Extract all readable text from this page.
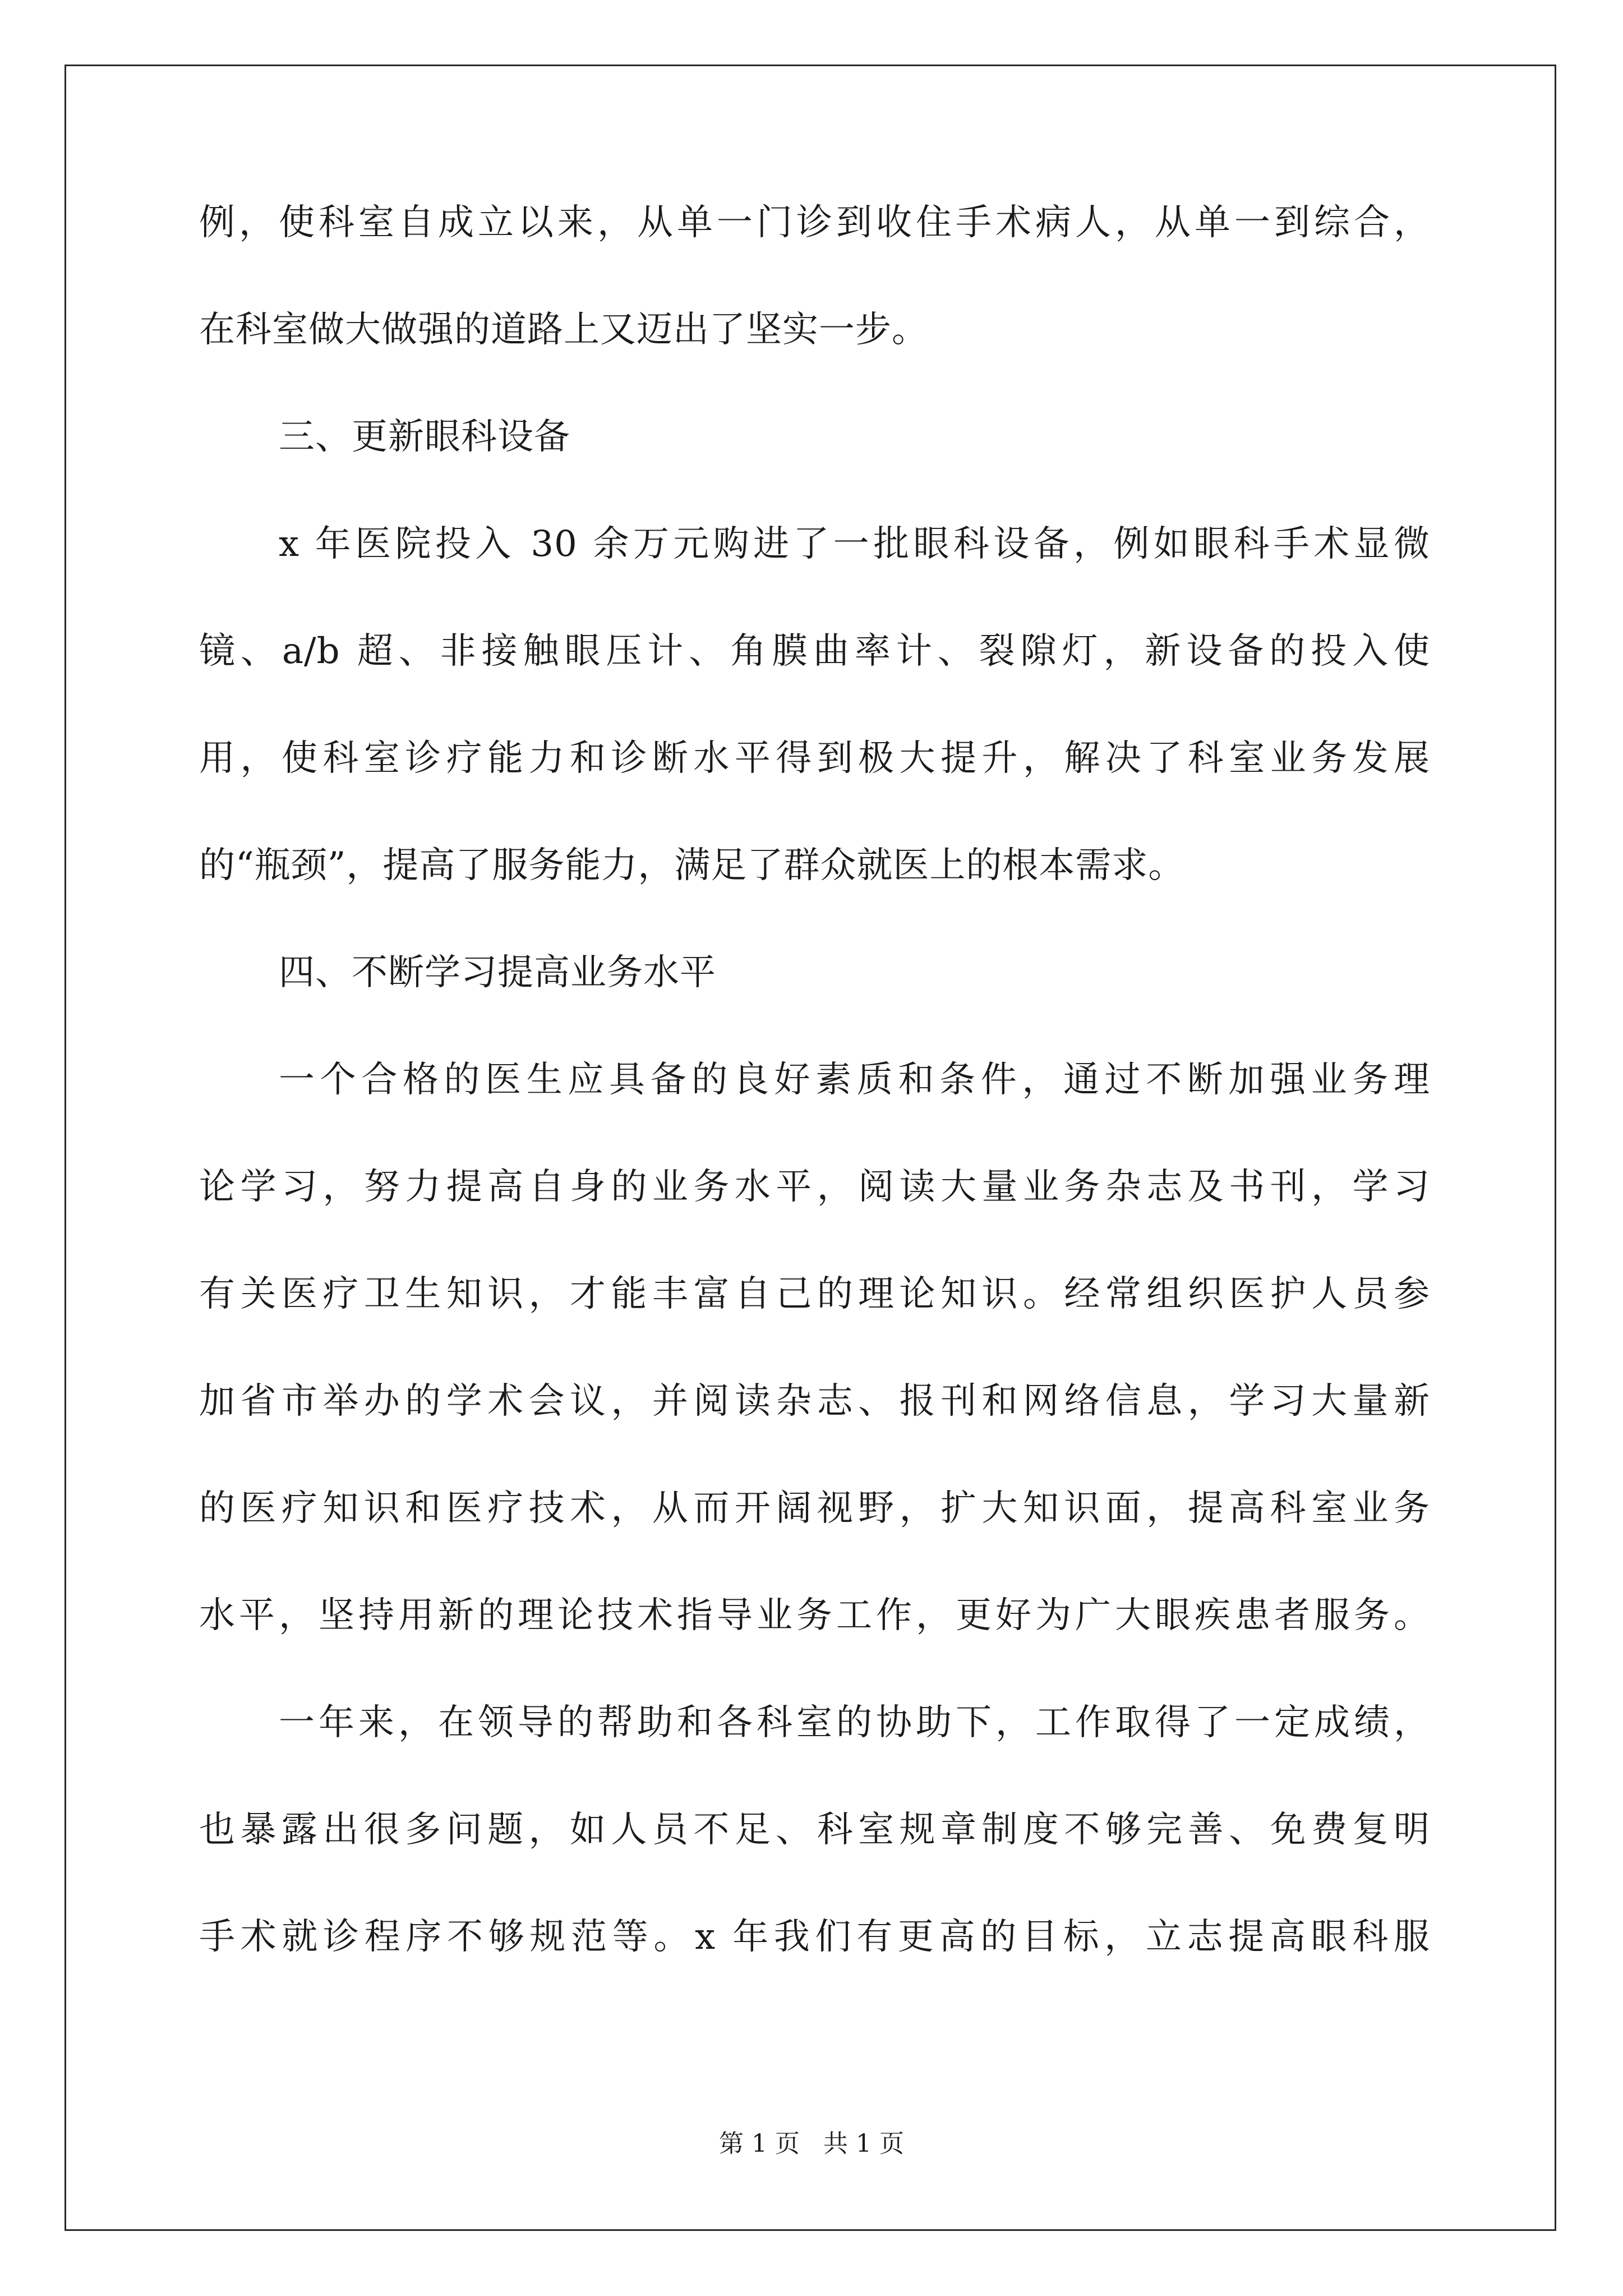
例，使科室自成立以来，从单一门诊到收住手术病人，从单一到综合，
在科室做大做强的道路上又迈出了坚实一步。
三、更新眼科设备
x 年医院投入 30 余万元购进了一批眼科设备，例如眼科手术显微
镜、a/b 超、非接触眼压计、角膜曲率计、裂隙灯，新设备的投入使
用，使科室诊疗能力和诊断水平得到极大提升，解决了科室业务发展
的“瓶颈”，提高了服务能力，满足了群众就医上的根本需求。
四、不断学习提高业务水平
一个合格的医生应具备的良好素质和条件，通过不断加强业务理
论学习，努力提高自身的业务水平，阅读大量业务杂志及书刊，学习
有关医疗卫生知识，才能丰富自己的理论知识。经常组织医护人员参
加省市举办的学术会议，并阅读杂志、报刊和网络信息，学习大量新
的医疗知识和医疗技术，从而开阔视野，扩大知识面，提高科室业务
水平，坚持用新的理论技术指导业务工作，更好为广大眼疾患者服务。
一年来，在领导的帮助和各科室的协助下，工作取得了一定成绩，
也暴露出很多问题，如人员不足、科室规章制度不够完善、免费复明
手术就诊程序不够规范等。x 年我们有更高的目标，立志提高眼科服
第 1 页 共 1 页
